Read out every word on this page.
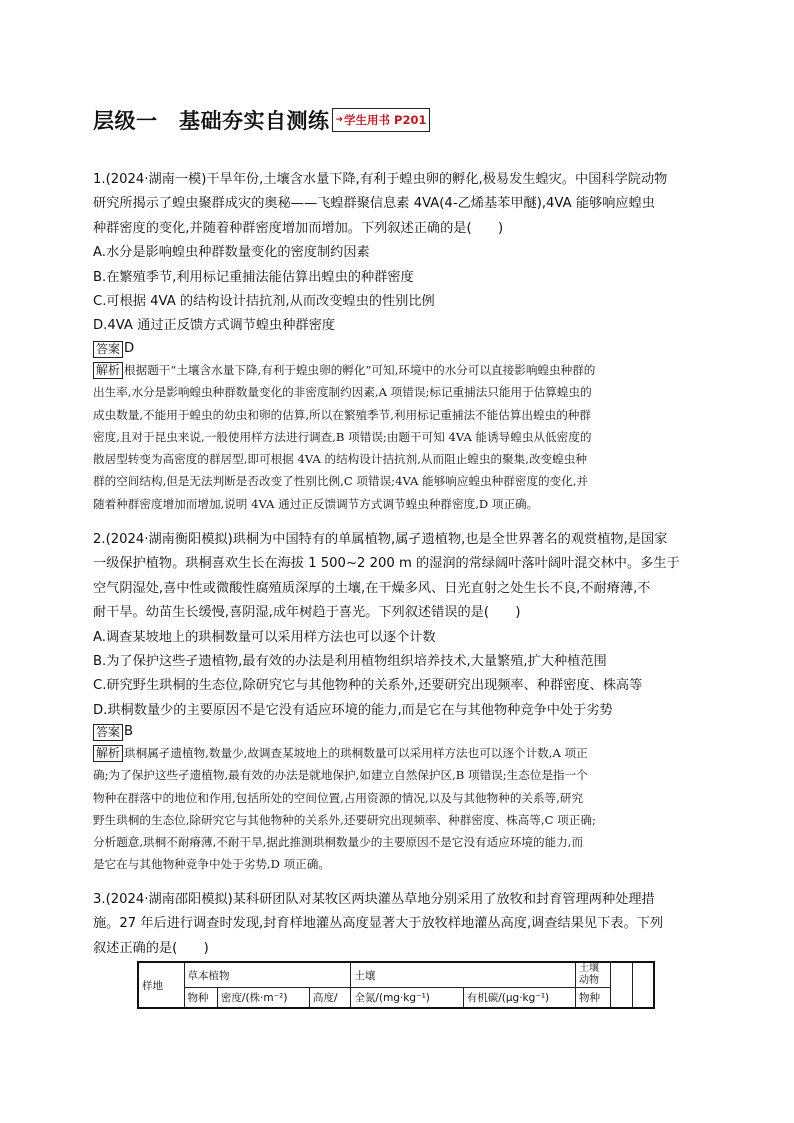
层级一　基础夯实自测练 ➜ 学生用书 P201
1.(2024·湖南一模)干旱年份,土壤含水量下降,有利于蝗虫卵的孵化,极易发生蝗灾。中国科学院动物
研究所揭示了蝗虫聚群成灾的奥秘——飞蝗群聚信息素 4VA(4-乙烯基苯甲醚),4VA 能够响应蝗虫
种群密度的变化,并随着种群密度增加而增加。下列叙述正确的是(　　)
A.水分是影响蝗虫种群数量变化的密度制约因素
B.在繁殖季节,利用标记重捕法能估算出蝗虫的种群密度
C.可根据 4VA 的结构设计拮抗剂,从而改变蝗虫的性别比例
D.4VA 通过正反馈方式调节蝗虫种群密度
答案 D
解析 根据题干“土壤含水量下降,有利于蝗虫卵的孵化”可知,环境中的水分可以直接影响蝗虫种群的
出生率,水分是影响蝗虫种群数量变化的非密度制约因素,A 项错误;标记重捕法只能用于估算蝗虫的
成虫数量,不能用于蝗虫的幼虫和卵的估算,所以在繁殖季节,利用标记重捕法不能估算出蝗虫的种群
密度,且对于昆虫来说,一般使用样方法进行调查,B 项错误;由题干可知 4VA 能诱导蝗虫从低密度的
散居型转变为高密度的群居型,即可根据 4VA 的结构设计拮抗剂,从而阻止蝗虫的聚集,改变蝗虫种
群的空间结构,但是无法判断是否改变了性别比例,C 项错误;4VA 能够响应蝗虫种群密度的变化,并
随着种群密度增加而增加,说明 4VA 通过正反馈调节方式调节蝗虫种群密度,D 项正确。
2.(2024·湖南衡阳模拟)珙桐为中国特有的单属植物,属孑遗植物,也是全世界著名的观赏植物,是国家
一级保护植物。珙桐喜欢生长在海拔 1 500~2 200 m 的湿润的常绿阔叶落叶阔叶混交林中。多生于
空气阴湿处,喜中性或微酸性腐殖质深厚的土壤,在干燥多风、日光直射之处生长不良,不耐瘠薄,不
耐干旱。幼苗生长缓慢,喜阴湿,成年树趋于喜光。下列叙述错误的是(　　)
A.调查某坡地上的珙桐数量可以采用样方法也可以逐个计数
B.为了保护这些孑遗植物,最有效的办法是利用植物组织培养技术,大量繁殖,扩大种植范围
C.研究野生珙桐的生态位,除研究它与其他物种的关系外,还要研究出现频率、种群密度、株高等
D.珙桐数量少的主要原因不是它没有适应环境的能力,而是它在与其他物种竞争中处于劣势
答案 B
解析 珙桐属孑遗植物,数量少,故调查某坡地上的珙桐数量可以采用样方法也可以逐个计数,A 项正
确;为了保护这些孑遗植物,最有效的办法是就地保护,如建立自然保护区,B 项错误;生态位是指一个
物种在群落中的地位和作用,包括所处的空间位置,占用资源的情况,以及与其他物种的关系等,研究
野生珙桐的生态位,除研究它与其他物种的关系外,还要研究出现频率、种群密度、株高等,C 项正确;
分析题意,珙桐不耐瘠薄,不耐干旱,据此推测珙桐数量少的主要原因不是它没有适应环境的能力,而
是它在与其他物种竞争中处于劣势,D 项正确。
3.(2024·湖南邵阳模拟)某科研团队对某牧区两块灌丛草地分别采用了放牧和封育管理两种处理措
施。27 年后进行调查时发现,封育样地灌丛高度显著大于放牧样地灌丛高度,调查结果见下表。下列
叙述正确的是(　　)
样地	草本植物			土壤		土壤动物		
	物种	密度/(株·m⁻²)	高度/	全氮/(mg·kg⁻¹)	有机碳/(μg·kg⁻¹)	物种		
